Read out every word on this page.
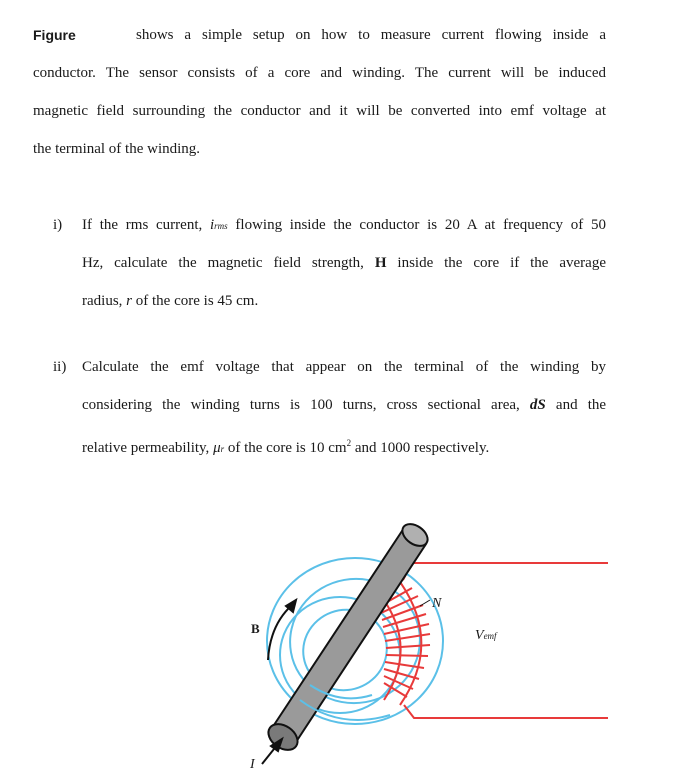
Figure	shows a simple setup on how to measure current flowing inside a
conductor. The sensor consists of a core and winding. The current will be induced
magnetic field surrounding the conductor and it will be converted into emf voltage at
the terminal of the winding.
i) If the rms current, irms flowing inside the conductor is 20 A at frequency of 50
Hz, calculate the magnetic field strength, H inside the core if the average
radius, r of the core is 45 cm.
ii) Calculate the emf voltage that appear on the terminal of the winding by
considering the winding turns is 100 turns, cross sectional area, dS and the
relative permeability, μr of the core is 10 $cm^2$ and 1000 respectively.
B
N
Vemf
I
